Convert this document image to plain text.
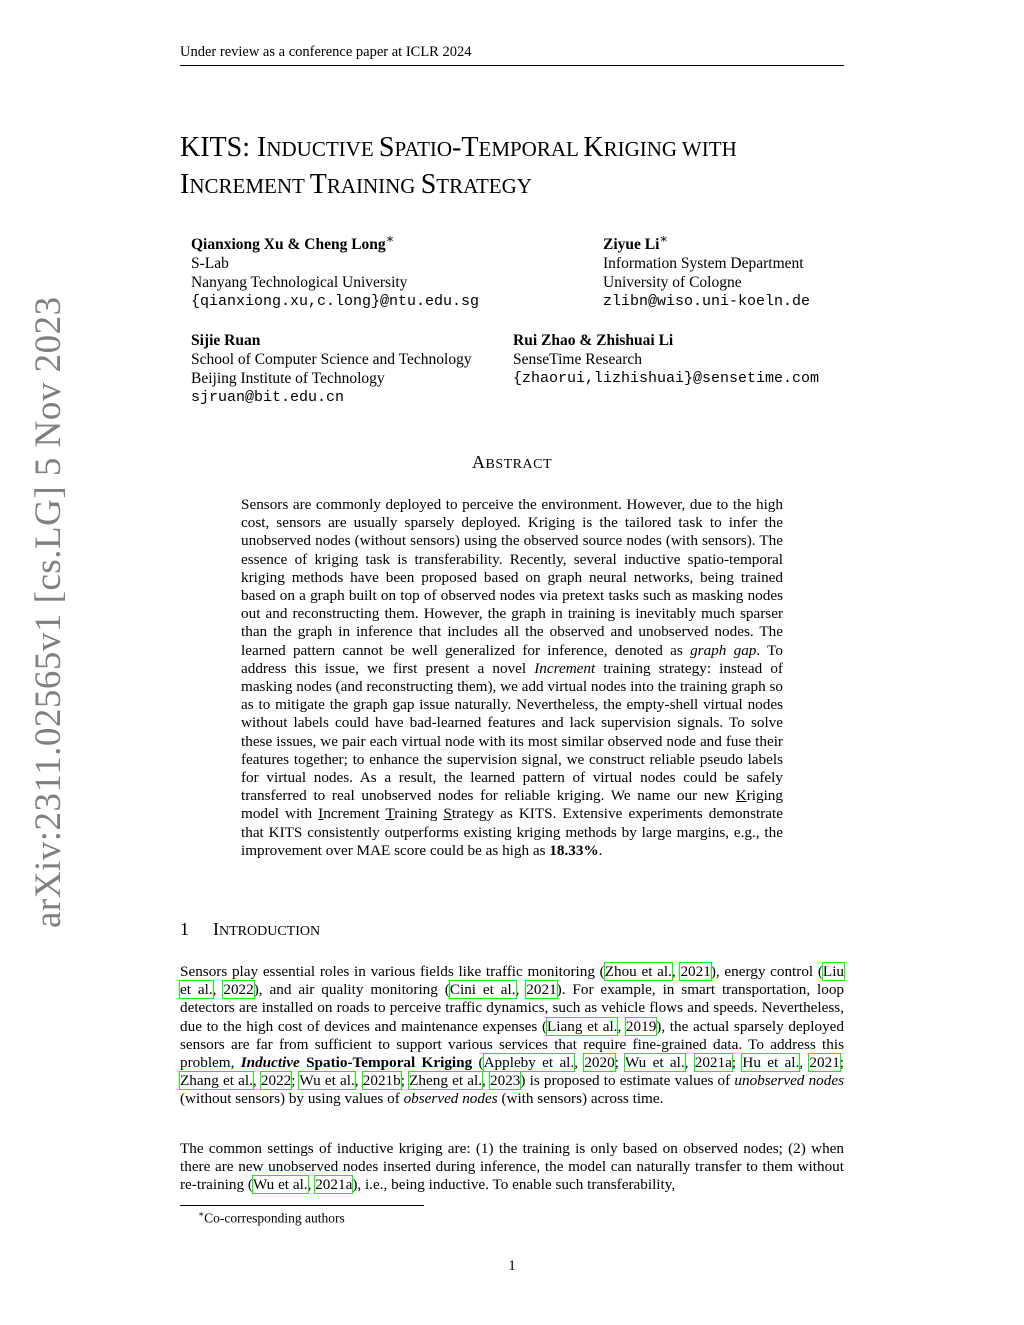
Under review as a conference paper at ICLR 2024
arXiv:2311.02565v1 [cs.LG] 5 Nov 2023
KITS: INDUCTIVE SPATIO-TEMPORAL KRIGING WITH
INCREMENT TRAINING STRATEGY
Qianxiong Xu & Cheng Long∗
S-Lab
Nanyang Technological University
{qianxiong.xu,c.long}@ntu.edu.sg
Ziyue Li∗
Information System Department
University of Cologne
zlibn@wiso.uni-koeln.de
Sijie Ruan
School of Computer Science and Technology
Beijing Institute of Technology
sjruan@bit.edu.cn
Rui Zhao & Zhishuai Li
SenseTime Research
{zhaorui,lizhishuai}@sensetime.com
ABSTRACT

Sensors are commonly deployed to perceive the environment. However, due to the high cost, sensors are usually sparsely deployed. Kriging is the tailored task to infer the unobserved nodes (without sensors) using the observed source nodes (with sensors). The essence of kriging task is transferability. Recently, several inductive spatio-temporal kriging methods have been proposed based on graph neural networks, being trained based on a graph built on top of observed nodes via pretext tasks such as masking nodes out and reconstructing them. However, the graph in training is inevitably much sparser than the graph in inference that includes all the observed and unobserved nodes. The learned pattern cannot be well generalized for inference, denoted as graph gap. To address this issue, we first present a novel Increment training strategy: instead of masking nodes (and reconstructing them), we add virtual nodes into the training graph so as to mitigate the graph gap issue naturally. Nevertheless, the empty-shell virtual nodes without labels could have bad-learned features and lack supervision signals. To solve these issues, we pair each virtual node with its most similar observed node and fuse their features together; to enhance the supervision signal, we construct reliable pseudo labels for virtual nodes. As a result, the learned pattern of virtual nodes could be safely transferred to real unobserved nodes for reliable kriging. We name our new Kriging model with Increment Training Strategy as KITS. Extensive experiments demonstrate that KITS consistently outperforms existing kriging methods by large margins, e.g., the improvement over MAE score could be as high as 18.33%.

1 INTRODUCTION

Sensors play essential roles in various fields like traffic monitoring (Zhou et al., 2021), energy control (Liu et al., 2022), and air quality monitoring (Cini et al., 2021). For example, in smart transportation, loop detectors are installed on roads to perceive traffic dynamics, such as vehicle flows and speeds. Nevertheless, due to the high cost of devices and maintenance expenses (Liang et al., 2019), the actual sparsely deployed sensors are far from sufficient to support various services that require fine-grained data. To address this problem, Inductive Spatio-Temporal Kriging (Appleby et al., 2020; Wu et al., 2021a; Hu et al., 2021; Zhang et al., 2022; Wu et al., 2021b; Zheng et al., 2023) is proposed to estimate values of unobserved nodes (without sensors) by using values of observed nodes (with sensors) across time.

The common settings of inductive kriging are: (1) the training is only based on observed nodes; (2) when there are new unobserved nodes inserted during inference, the model can naturally transfer to them without re-training (Wu et al., 2021a), i.e., being inductive. To enable such transferability,

∗Co-corresponding authors
1
